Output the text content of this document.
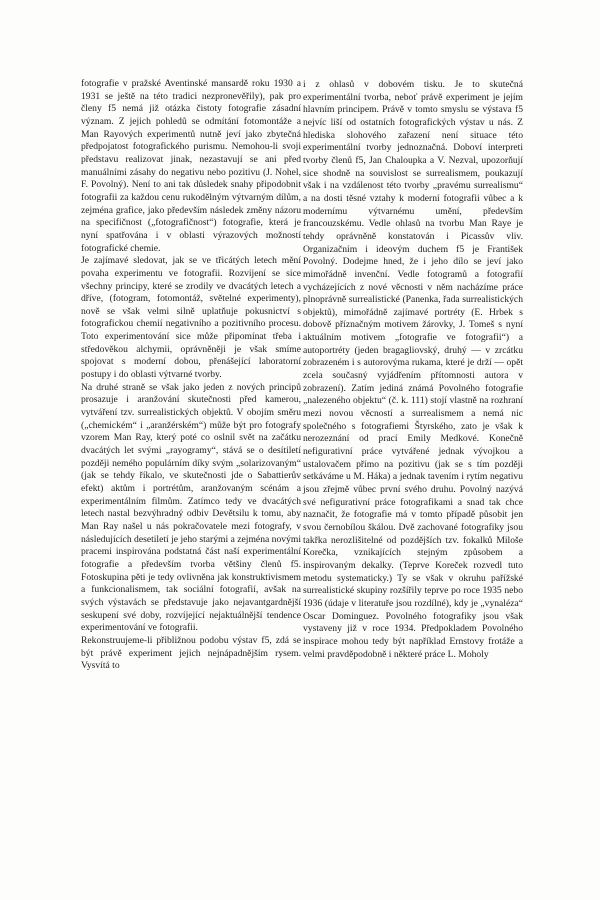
fotografie v pražské Aventinské mansardě roku 1930 a 1931 se ještě na této tradici nezpronevěřily), pak pro členy f5 nemá již otázka čistoty fotografie zásadní význam. Z jejich pohledů se odmítání fotomontáže a Man Rayových experimentů nutně jeví jako zbytečná předpojatost fotografického purismu. Nemohou-li svoji představu realizovat jinak, nezastavují se ani před manuálními zásahy do negativu nebo pozitivu (J. Nohel, F. Povolný). Není to ani tak důsledek snahy připodobnit fotografii za každou cenu rukodělným výtvarným dílům, zejména grafice, jako především následek změny názoru na specifičnost („fotografičnost“) fotografie, která je nyní spatřována i v oblasti výrazových možností fotografické chemie.

Je zajímavé sledovat, jak se ve třicátých letech mění povaha experimentu ve fotografii. Rozvíjení se sice všechny principy, které se zrodily ve dvacátých letech a dříve, (fotogram, fotomontáž, světelné experimenty), nově se však velmi silně uplatňuje pokusnictví s fotografickou chemií negativního a pozitivního procesu. Toto experimentování sice může připomínat třeba i středověkou alchymii, oprávněněji je však smíme spojovat s moderní dobou, přenášející laboratorní postupy i do oblasti výtvarné tvorby.

Na druhé straně se však jako jeden z nových principů prosazuje i aranžování skutečnosti před kamerou, vytváření tzv. surrealistických objektů. V obojím směru („chemickém“ i „aranžérském“) může být pro fotografy vzorem Man Ray, který poté co oslnil svět na začátku dvacátých let svými „rayogramy“, stává se o desítiletí později nemého populárním díky svým „solarizovaným“ (jak se tehdy říkalo, ve skutečnosti jde o Sabattierův efekt) aktům i portrétům, aranžovaným scénám a experimentálním filmům. Zatímco tedy ve dvacátých letech nastal bezvýhradný odbiv Devětsilu k tomu, aby Man Ray našel u nás pokračovatele mezi fotografy, v následujících desetiletí je jeho starými a zejména novými pracemi inspirována podstatná část naší experimentální fotografie a především tvorba většiny členů f5. Fotoskupina pěti je tedy ovlivněna jak konstruktivismem a funkcionalismem, tak sociální fotografií, avšak na svých výstavách se představuje jako nejavantgardnější seskupení své doby, rozvíjející nejaktuálnější tendence experimentování ve fotografii.

Rekonstruujeme-li přibližnou podobu výstav f5, zdá se být právě experiment jejich nejnápadnějším rysem. Vysvítá to

i z ohlasů v dobovém tisku. Je to skutečná experimentální tvorba, neboť právě experiment je jejím hlavním principem. Právě v tomto smyslu se výstava f5 nejvíc liší od ostatních fotografických výstav u nás. Z hlediska slohového zařazení není situace této experimentální tvorby jednoznačná. Doboví interpreti tvorby členů f5, Jan Chaloupka a V. Nezval, upozorňují sice shodně na souvislost se surrealismem, poukazují však i na vzdálenost této tvorby „pravému surrealismu“ a na dosti těsné vztahy k moderní fotografii vůbec a k modernímu výtvarnému umění, především francouzskému. Vedle ohlasů na tvorbu Man Raye je tehdy oprávněně konstatován i Picassův vliv. Organizačním i ideovým duchem f5 je František Povolný. Dodejme hned, že i jeho dílo se jeví jako mimořádně invenční. Vedle fotogramů a fotografií vycházejících z nové věcnosti v něm nacházíme práce plnoprávně surrealistické (Panenka, řada surrealistických objektů), mimořádně zajímavé portréty (E. Hrbek s dobově příznačným motivem žárovky, J. Tomeš s nyní aktuálním motivem „fotografie ve fotografii“) a autoportréty (jeden bragagliovský, druhý — v zrcátku zobrazeném i s autorovýma rukama, které je drží — opět zcela současný vyjádřením přítomnosti autora v zobrazení). Zatím jediná známá Povolného fotografie „nalezeného objektu“ (č. k. 111) stojí vlastně na rozhraní mezi novou věcností a surrealismem a nemá nic společného s fotografiemi Štyrského, zato je však k nerozeznání od prací Emily Medkové. Konečně nefigurativní práce vytvářené jednak vývojkou a ustalovačem přímo na pozitivu (jak se s tím později setkáváme u M. Háka) a jednak tavením i rytím negativu jsou zřejmě vůbec první svého druhu. Povolný nazývá své nefigurativní práce fotografikami a snad tak chce naznačit, že fotografie má v tomto případě působit jen svou černobílou škálou. Dvě zachované fotografiky jsou takřka nerozlišitelné od pozdějších tzv. fokalků Miloše Korečka, vznikajících stejným způsobem a inspirovaným dekalky. (Teprve Koreček rozvedl tuto metodu systematicky.) Ty se však v okruhu pařížské surrealistické skupiny rozšířily teprve po roce 1935 nebo 1936 (údaje v literatuře jsou rozdílné), kdy je „vynaléza“ Oscar Dominguez. Povolného fotografiky jsou však vystaveny již v roce 1934. Předpokladem Povolného inspirace mohou tedy být například Ernstovy frotáže a velmi pravděpodobně i některé práce L. Moholy
